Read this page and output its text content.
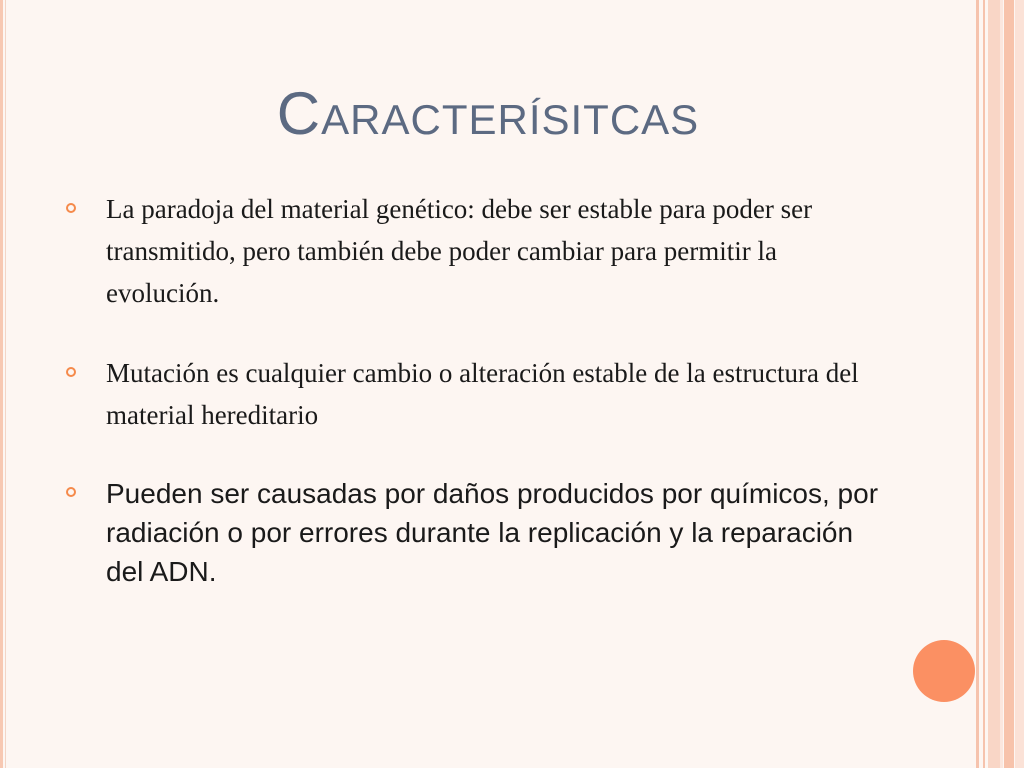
Caracterísitcas
La paradoja del material genético: debe ser estable para poder ser transmitido, pero también debe poder cambiar para permitir la evolución.
Mutación es cualquier cambio o alteración estable de la estructura del material hereditario
Pueden ser causadas por daños producidos por químicos, por radiación o por errores durante la replicación y la reparación del ADN.
